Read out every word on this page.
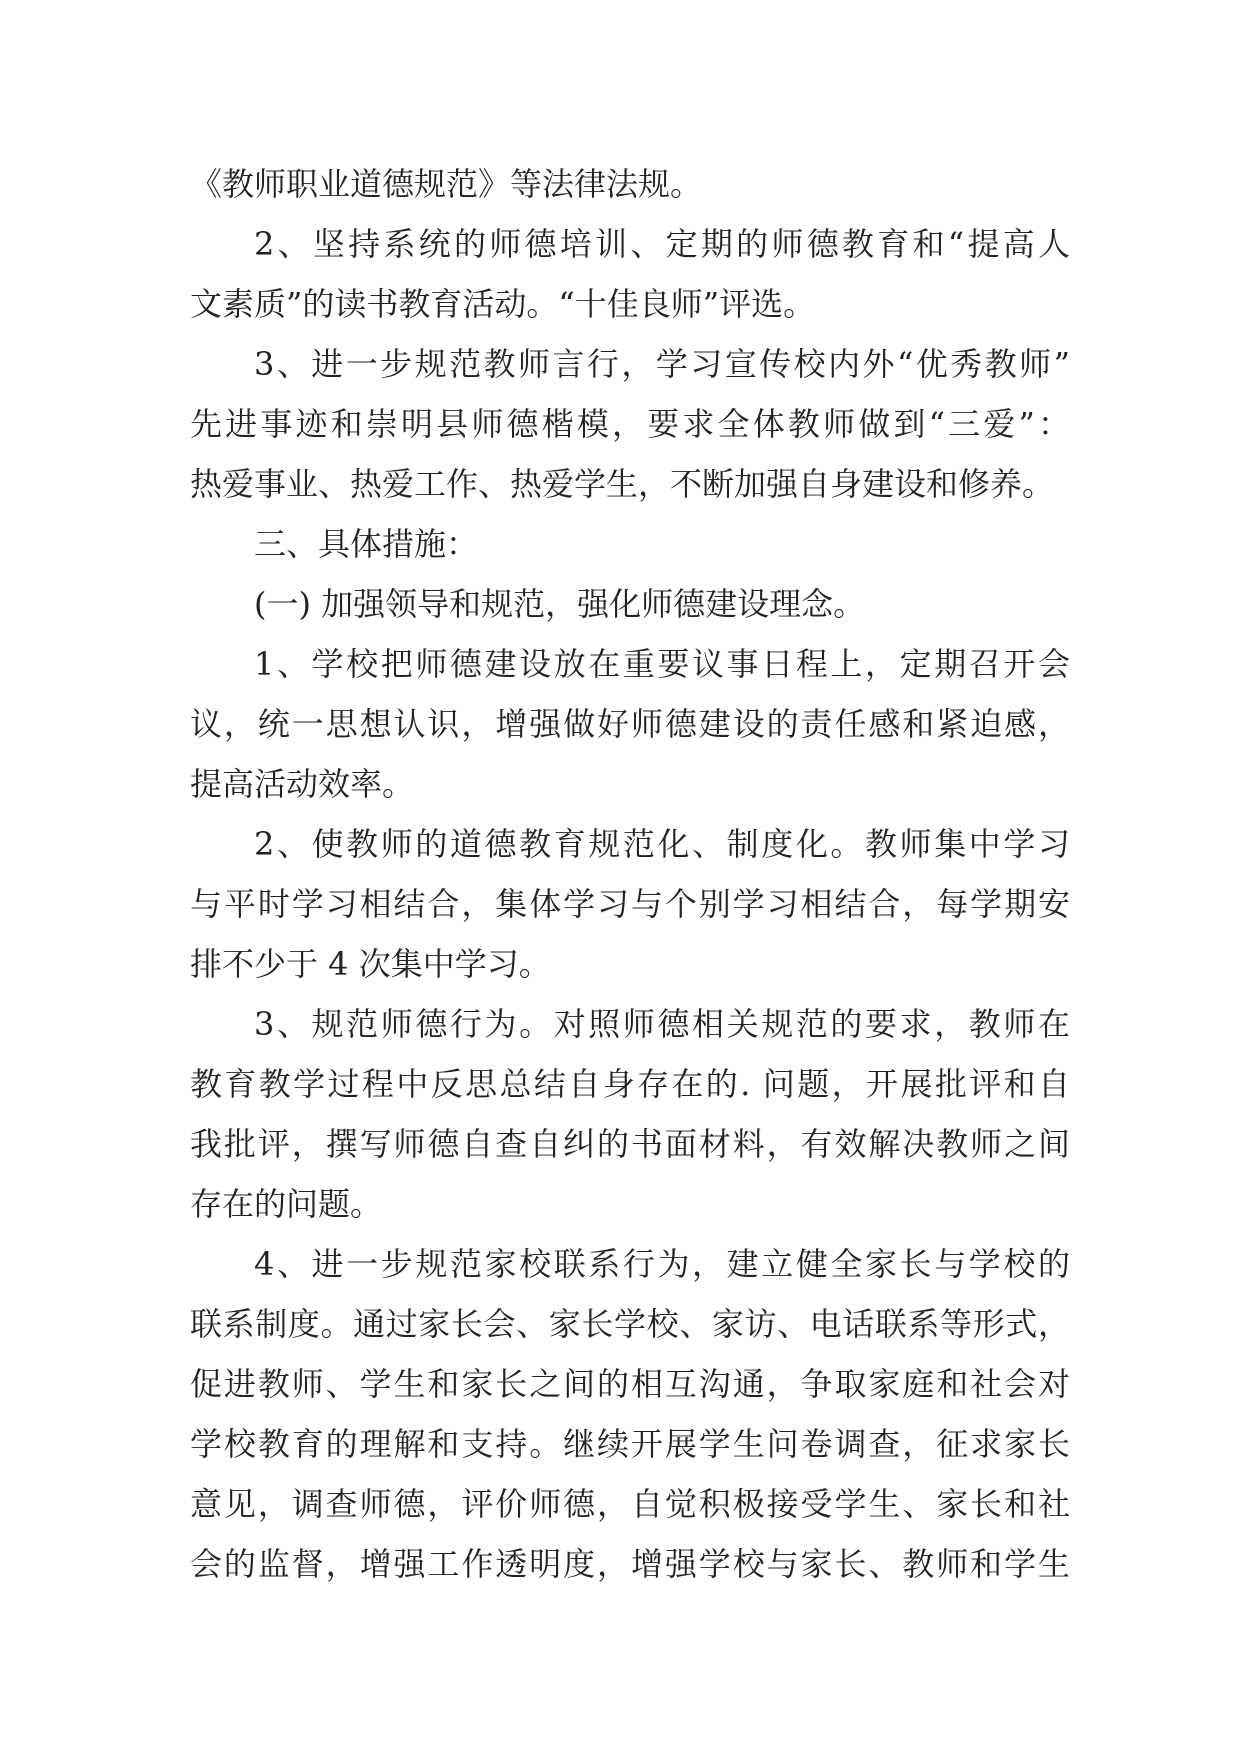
《教师职业道德规范》等法律法规。

2、坚持系统的师德培训、定期的师德教育和“提高人

文素质”的读书教育活动。“十佳良师”评选。

3、进一步规范教师言行，学习宣传校内外“优秀教师”

先进事迹和崇明县师德楷模，要求全体教师做到“三爱”：

热爱事业、热爱工作、热爱学生，不断加强自身建设和修养。

三、具体措施：

(一) 加强领导和规范，强化师德建设理念。

1、学校把师德建设放在重要议事日程上，定期召开会

议，统一思想认识，增强做好师德建设的责任感和紧迫感，

提高活动效率。

2、使教师的道德教育规范化、制度化。教师集中学习

与平时学习相结合，集体学习与个别学习相结合，每学期安

排不少于 4 次集中学习。

3、规范师德行为。对照师德相关规范的要求，教师在

教育教学过程中反思总结自身存在的. 问题，开展批评和自

我批评，撰写师德自查自纠的书面材料，有效解决教师之间

存在的问题。

4、进一步规范家校联系行为，建立健全家长与学校的

联系制度。通过家长会、家长学校、家访、电话联系等形式，

促进教师、学生和家长之间的相互沟通，争取家庭和社会对

学校教育的理解和支持。继续开展学生问卷调查，征求家长

意见，调查师德，评价师德，自觉积极接受学生、家长和社

会的监督，增强工作透明度，增强学校与家长、教师和学生
